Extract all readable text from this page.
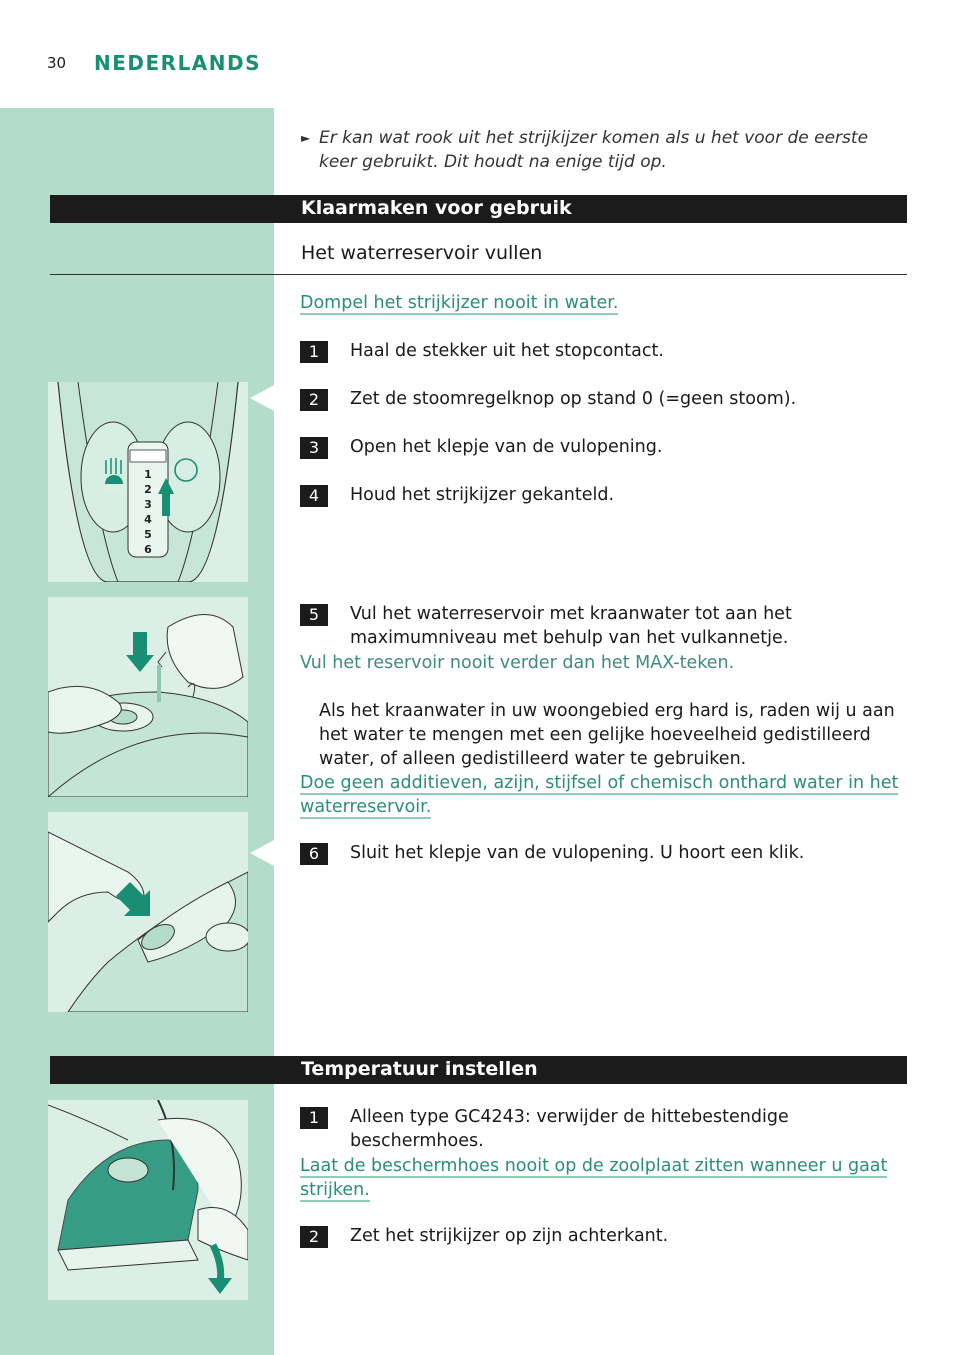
30 NEDERLANDS
► Er kan wat rook uit het strijkijzer komen als u het voor de eerste keer gebruikt. Dit houdt na enige tijd op.
Klaarmaken voor gebruik
Het waterreservoir vullen
Dompel het strijkijzer nooit in water.
1	Haal de stekker uit het stopcontact.
2	Zet de stoomregelknop op stand 0 (=geen stoom).
3	Open het klepje van de vulopening.
4	Houd het strijkijzer gekanteld.
5	Vul het waterreservoir met kraanwater tot aan het maximumniveau met behulp van het vulkannetje.
Vul het reservoir nooit verder dan het MAX-teken.
Als het kraanwater in uw woongebied erg hard is, raden wij u aan het water te mengen met een gelijke hoeveelheid gedistilleerd water, of alleen gedistilleerd water te gebruiken.
Doe geen additieven, azijn, stijfsel of chemisch onthard water in het waterreservoir.
6	Sluit het klepje van de vulopening. U hoort een klik.
Temperatuur instellen
1	Alleen type GC4243: verwijder de hittebestendige beschermhoes.
Laat de beschermhoes nooit op de zoolplaat zitten wanneer u gaat strijken.
2	Zet het strijkijzer op zijn achterkant.
1
2
3
4
5
6
